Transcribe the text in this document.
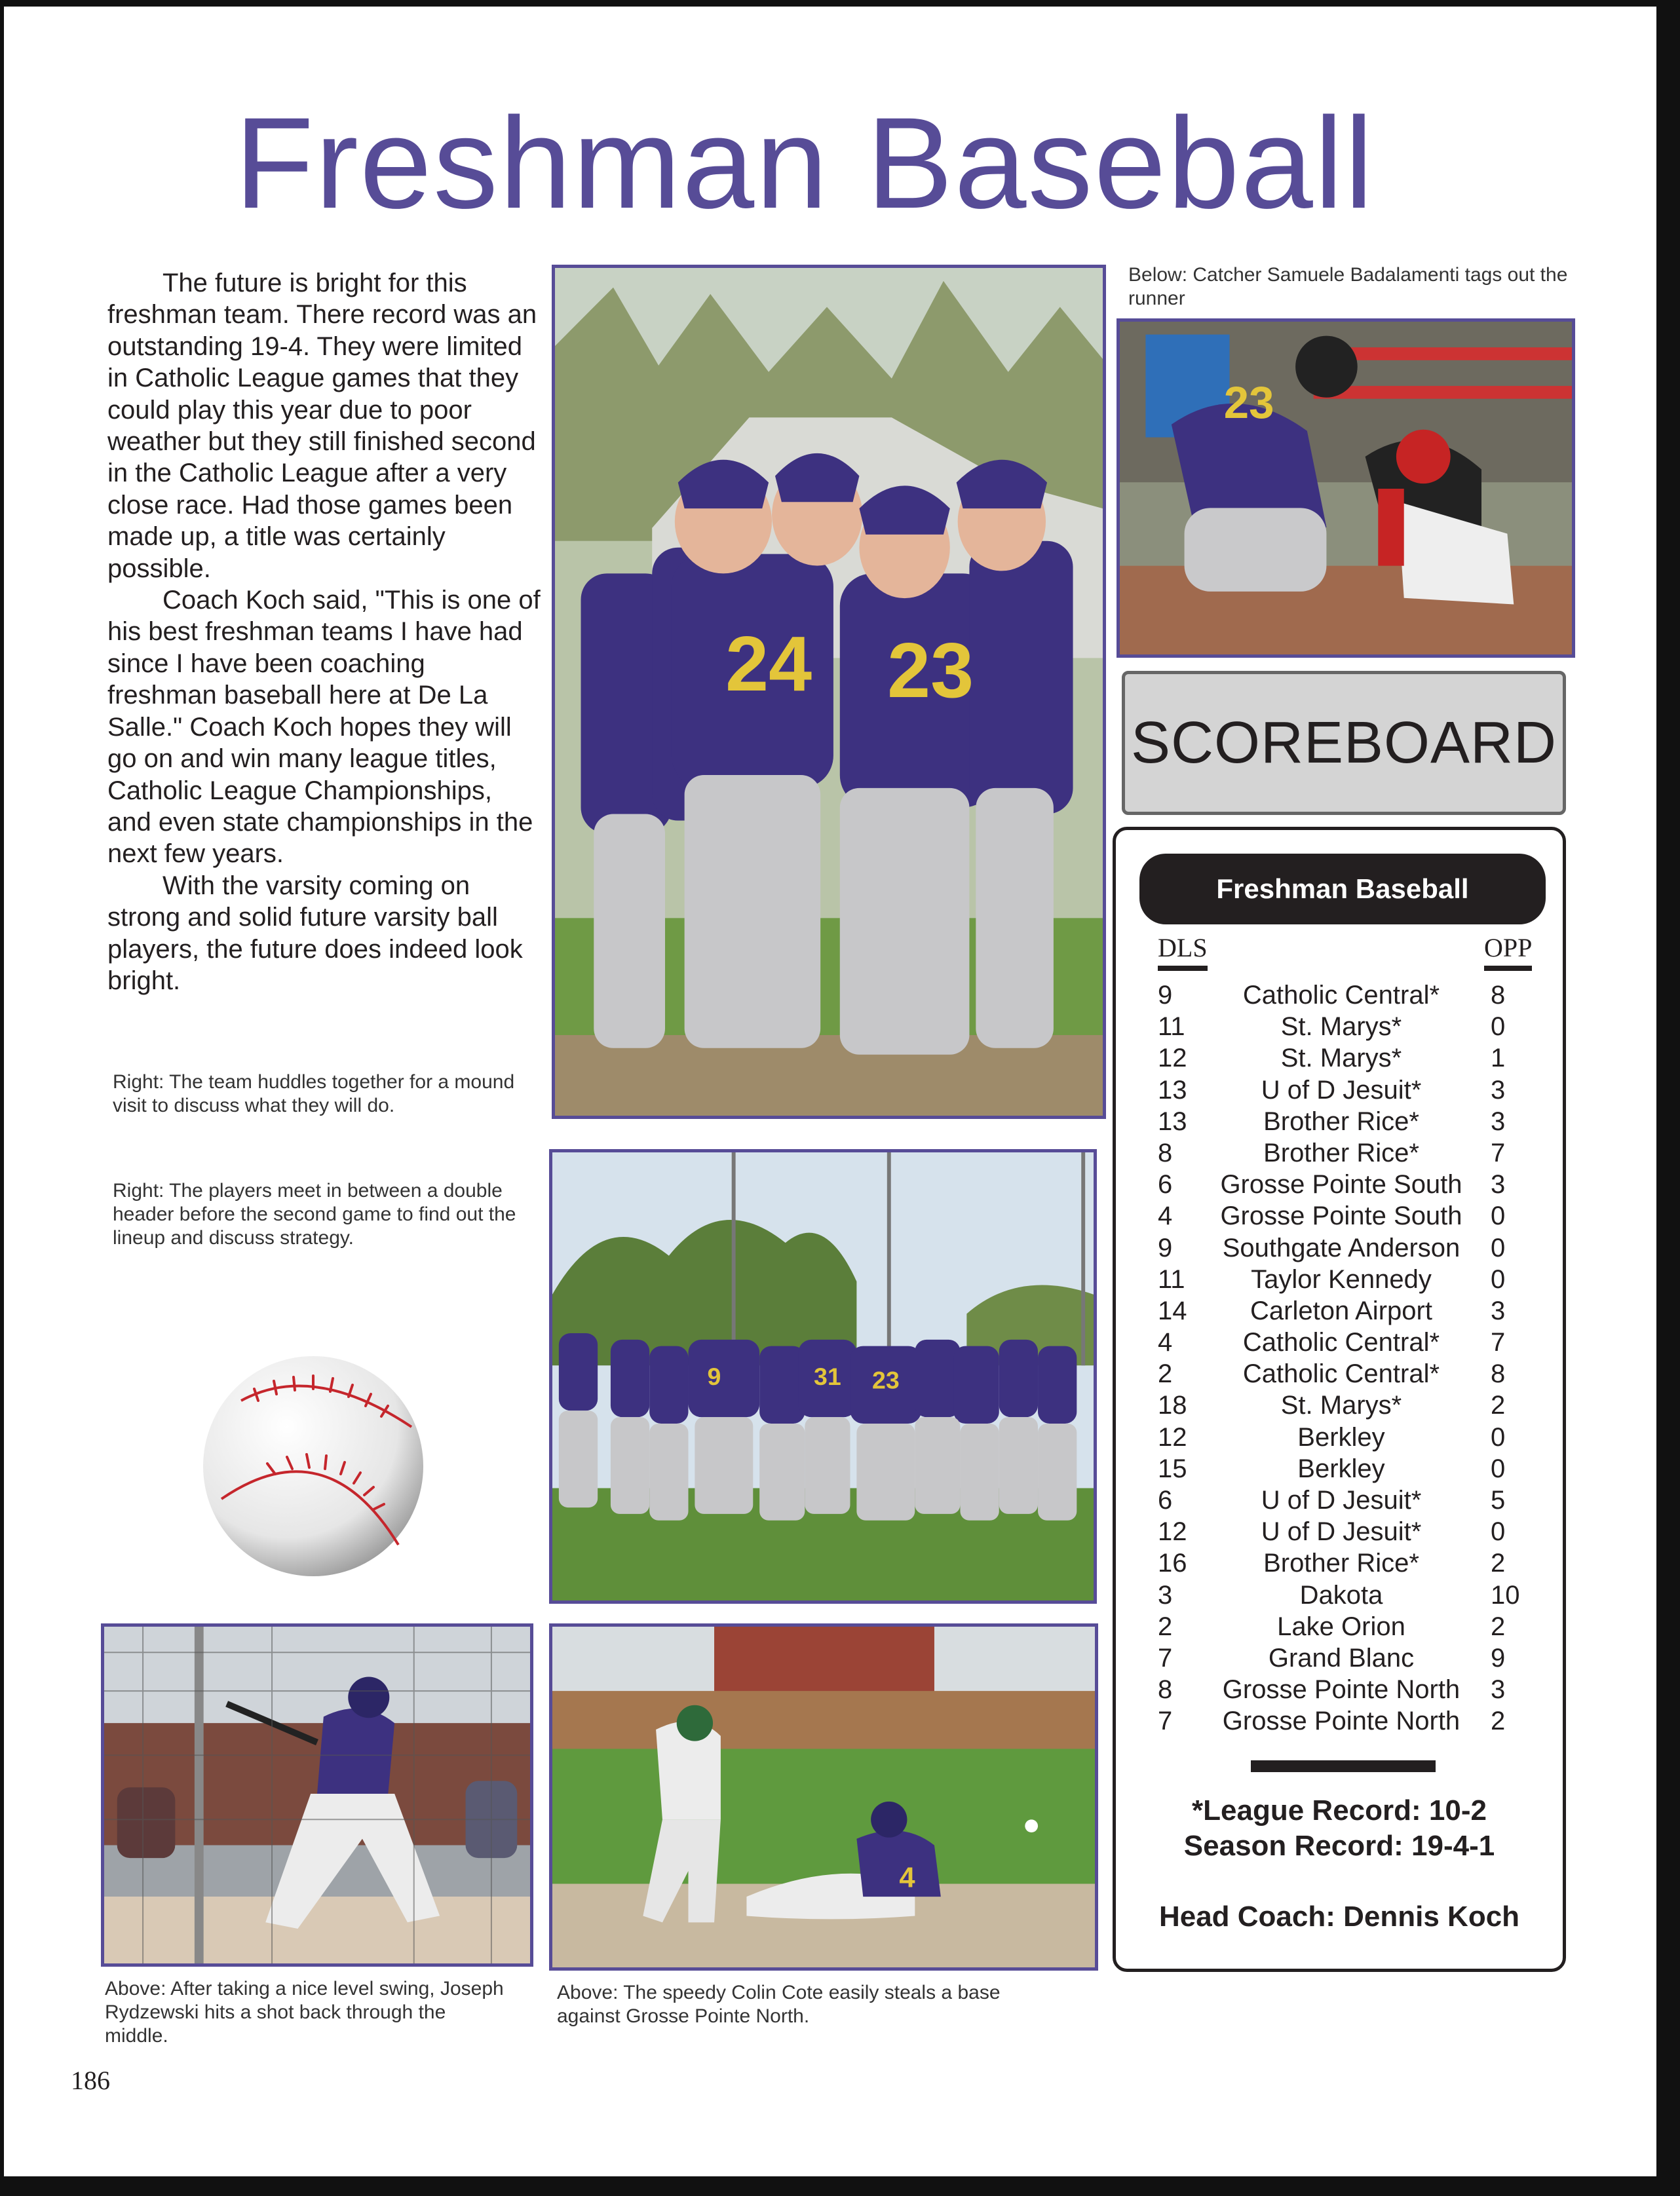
Freshman Baseball

The future is bright for this freshman team. There record was an outstanding 19-4. They were limited in Catholic League games that they could play this year due to poor weather but they still finished second in the Catholic League after a very close race. Had those games been made up, a title was certainly possible.

Coach Koch said, "This is one of his best freshman teams I have had since I have been coaching freshman baseball here at De La Salle." Coach Koch hopes they will go on and win many league titles, Catholic League Championships, and even state championships in the next few years.

With the varsity coming on strong and solid future varsity ball players, the future does indeed look bright.

Right: The team huddles together for a mound visit to discuss what they will do.
Right: The players meet in between a double header before the second game to find out the lineup and discuss strategy.
Below: Catcher Samuele Badalamenti tags out the runner
Above: After taking a nice level swing, Joseph Rydzewski hits a shot back through the middle.
Above: The speedy Colin Cote easily steals a base against Grosse Pointe North.
24 23
23
9	31 23
4
SCOREBOARD
Freshman Baseball
DLS	OPP
9	Catholic Central*	8
11	St. Marys*	0
12	St. Marys*	1
13	U of D Jesuit*	3
13	Brother Rice*	3
8	Brother Rice*	7
6	Grosse Pointe South	3
4	Grosse Pointe South	0
9	Southgate Anderson	0
11	Taylor Kennedy	0
14	Carleton Airport	3
4	Catholic Central*	7
2	Catholic Central*	8
18	St. Marys*	2
12	Berkley	0
15	Berkley	0
6	U of D Jesuit*	5
12	U of D Jesuit*	0
16	Brother Rice*	2
3	Dakota	10
2	Lake Orion	2
7	Grand Blanc	9
8	Grosse Pointe North	3
7	Grosse Pointe North	2
*League Record: 10-2
Season Record: 19-4-1
Head Coach: Dennis Koch
186
